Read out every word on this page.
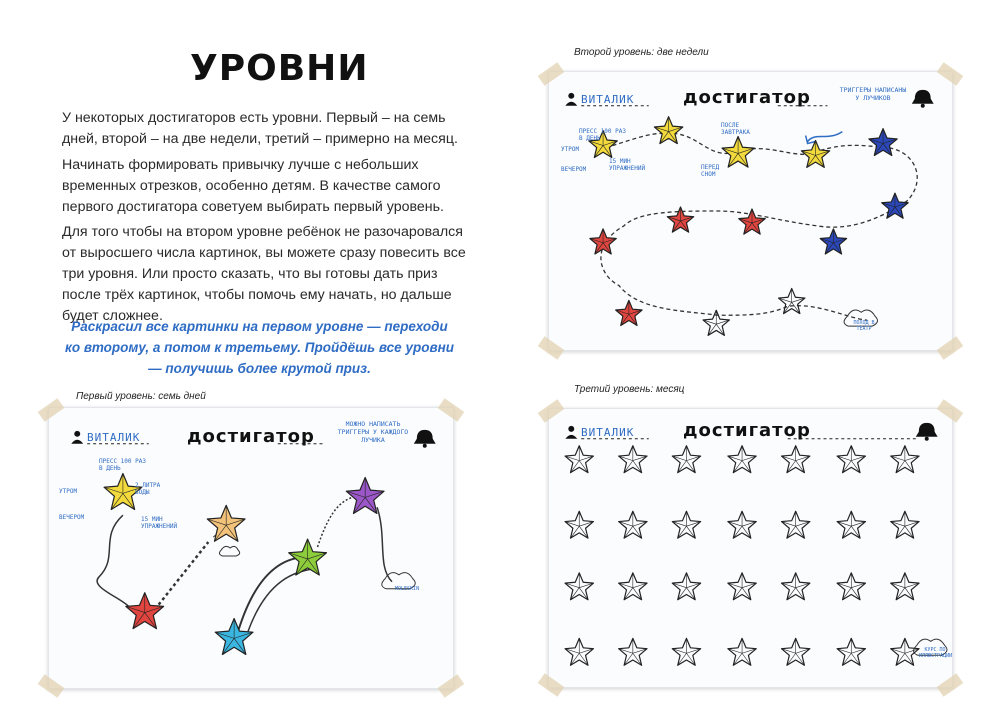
УРОВНИ
У некоторых достигаторов есть уровни. Первый – на семь дней, второй – на две недели, третий – примерно на месяц.
Начинать формировать привычку лучше с небольших временных отрезков, особенно детям. В качестве самого первого достигатора советуем выбирать первый уровень.
Для того чтобы на втором уровне ребёнок не разочаровался от выросшего числа картинок, вы можете сразу повесить все три уровня. Или просто сказать, что вы готовы дать приз после трёх картинок, чтобы помочь ему начать, но дальше будет сложнее.
Раскрасил все картинки на первом уровне — переходи ко второму, а потом к третьему. Пройдёшь все уровни — получишь более крутой приз.
Первый уровень: семь дней
Второй уровень: две недели
Третий уровень: месяц
ВИТАЛИК	достигатор
МОЖНО НАПИСАТЬ ТРИГГЕРЫ У КАЖДОГО ЛУЧИКА
ПРЕСС 100 РАЗ В ДЕНЬ
2 ЛИТРА ВОДЫ
УТРОМ
ВЕЧЕРОМ	15 МИН УПРАЖНЕНИЙ
MOLESKIN
ВИТАЛИК	достигатор	ТРИГГЕРЫ НАПИСАНЫ У ЛУЧИКОВ
ПРЕСС 100 РАЗ В ДЕНЬ
ПОСЛЕ ЗАВТРАКА
ПЕРЕД СНОМ
УТРОМ
ВЕЧЕРОМ
15 МИН УПРАЖНЕНИЙ
ПОХОД В ТЕАТР
ВИТАЛИК	достигатор
КУРС ПО ИЛЛЮСТРАЦИИ
